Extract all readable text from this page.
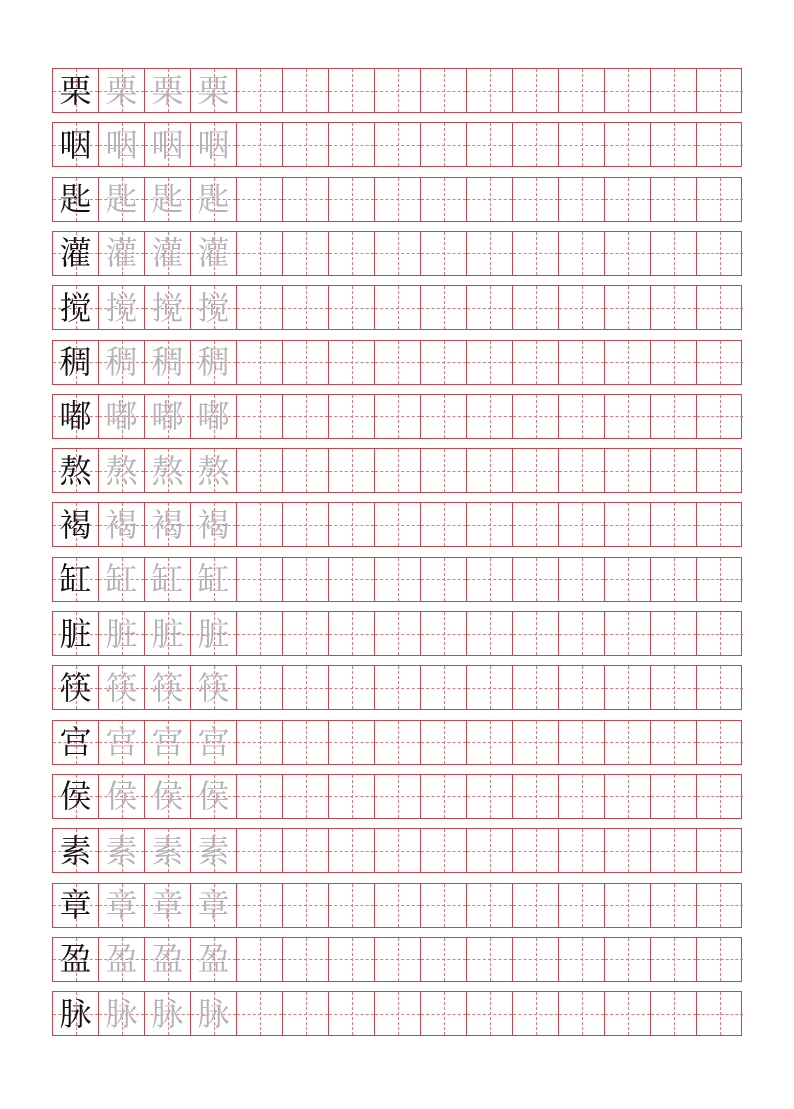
栗 栗 栗 栗
咽 咽 咽 咽
匙 匙 匙 匙
灌 灌 灌 灌
搅 搅 搅 搅
稠 稠 稠 稠
嘟 嘟 嘟 嘟
熬 熬 熬 熬
褐 褐 褐 褐
缸 缸 缸 缸
脏 脏 脏 脏
筷 筷 筷 筷
宫 宫 宫 宫
侯 侯 侯 侯
素 素 素 素
章 章 章 章
盈 盈 盈 盈
脉 脉 脉 脉
